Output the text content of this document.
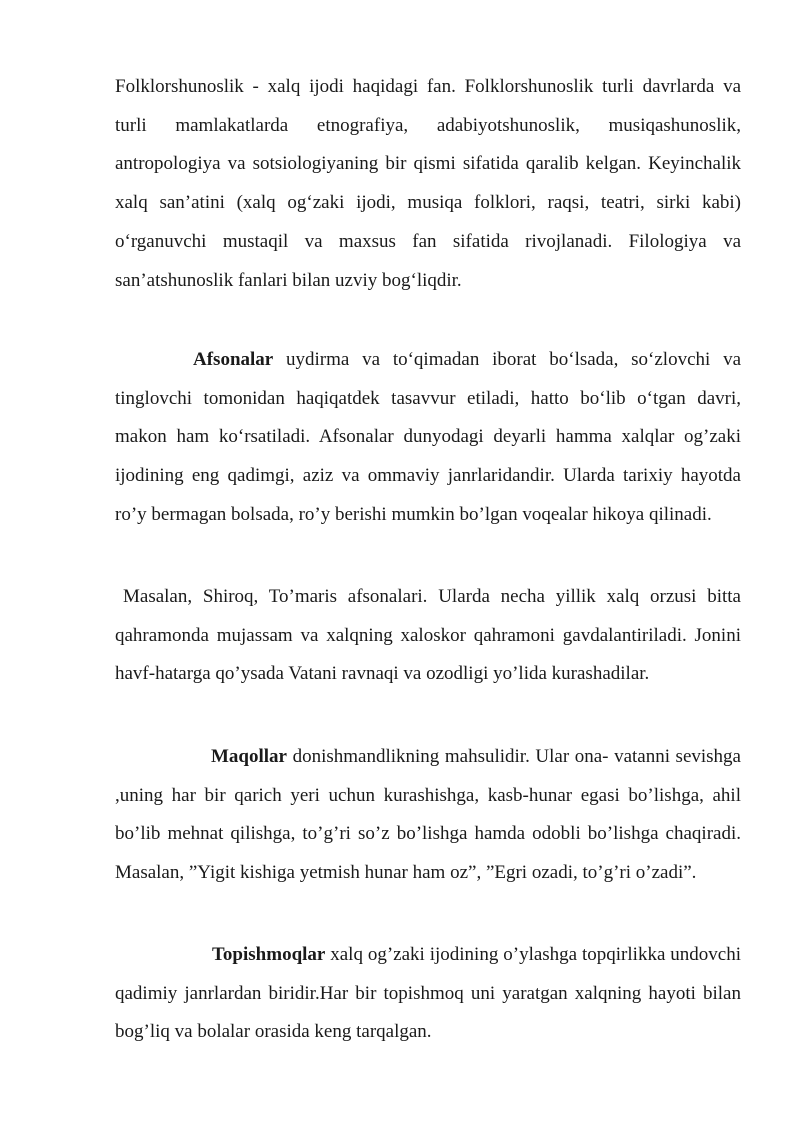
Folklorshunoslik - xalq ijodi haqidagi fan. Folklorshunoslik turli davrlarda va turli mamlakatlarda etnografiya, adabiyotshunoslik, musiqashunoslik, antropologiya va sotsiologiyaning bir qismi sifatida qaralib kelgan. Keyinchalik xalq san’atini (xalq og‘zaki ijodi, musiqa folklori, raqsi, teatri, sirki kabi) o‘rganuvchi mustaqil va maxsus fan sifatida rivojlanadi. Filologiya va san’atshunoslik fanlari bilan uzviy bog‘liqdir.

Afsonalar uydirma va to‘qimadan iborat bo‘lsada, so‘zlovchi va tinglovchi tomonidan haqiqatdek tasavvur etiladi, hatto bo‘lib o‘tgan davri, makon ham ko‘rsatiladi. Afsonalar dunyodagi deyarli hamma xalqlar og’zaki ijodining eng qadimgi, aziz va ommaviy janrlaridandir. Ularda tarixiy hayotda ro’y bermagan bolsada, ro’y berishi mumkin bo’lgan voqealar hikoya qilinadi.

Masalan, Shiroq, To’maris afsonalari. Ularda necha yillik xalq orzusi bitta qahramonda mujassam va xalqning xaloskor qahramoni gavdalantiriladi. Jonini havf-hatarga qo’ysada Vatani ravnaqi va ozodligi yo’lida kurashadilar.

Maqollar donishmandlikning mahsulidir. Ular ona- vatanni sevishga ,uning har bir qarich yeri uchun kurashishga, kasb-hunar egasi bo’lishga, ahil bo’lib mehnat qilishga, to’g’ri so’z bo’lishga hamda odobli bo’lishga chaqiradi. Masalan, ”Yigit kishiga yetmish hunar ham oz”, ”Egri ozadi, to’g’ri o’zadi”.

Topishmoqlar xalq og’zaki ijodining o’ylashga topqirlikka undovchi qadimiy janrlardan biridir.Har bir topishmoq uni yaratgan xalqning hayoti bilan bog’liq va bolalar orasida keng tarqalgan.
